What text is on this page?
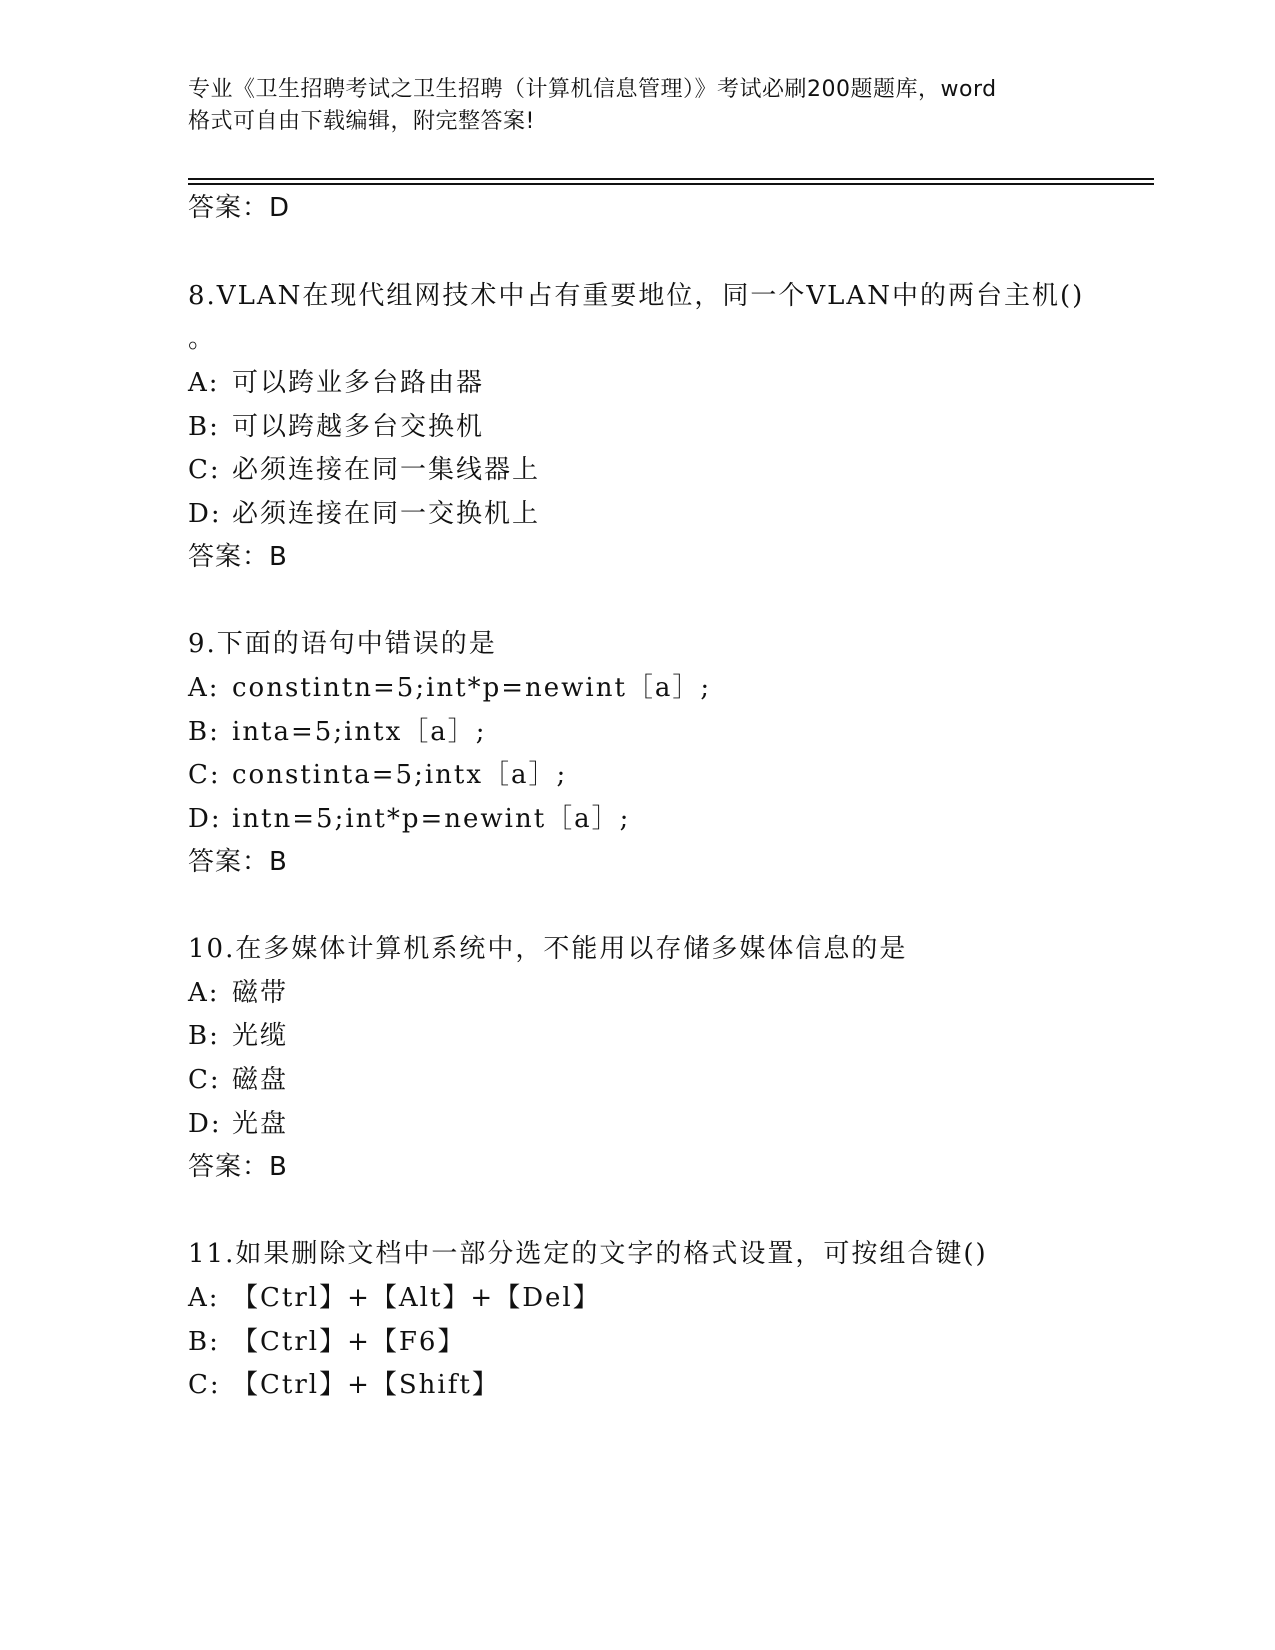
专业《卫生招聘考试之卫生招聘（计算机信息管理）》考试必刷200题题库，word
格式可自由下载编辑，附完整答案!
答案：D
8.VLAN在现代组网技术中占有重要地位，同一个VLAN中的两台主机()
。
A: 可以跨业多台路由器
B: 可以跨越多台交换机
C: 必须连接在同一集线器上
D: 必须连接在同一交换机上
答案：B
9.下面的语句中错误的是
A: constintn=5;int*p=newint［a］;
B: inta=5;intx［a］;
C: constinta=5;intx［a］;
D: intn=5;int*p=newint［a］;
答案：B
10.在多媒体计算机系统中，不能用以存储多媒体信息的是
A: 磁带
B: 光缆
C: 磁盘
D: 光盘
答案：B
11.如果删除文档中一部分选定的文字的格式设置，可按组合键()
A: 【Ctrl】+【Alt】+【Del】
B: 【Ctrl】+【F6】
C: 【Ctrl】+【Shift】
